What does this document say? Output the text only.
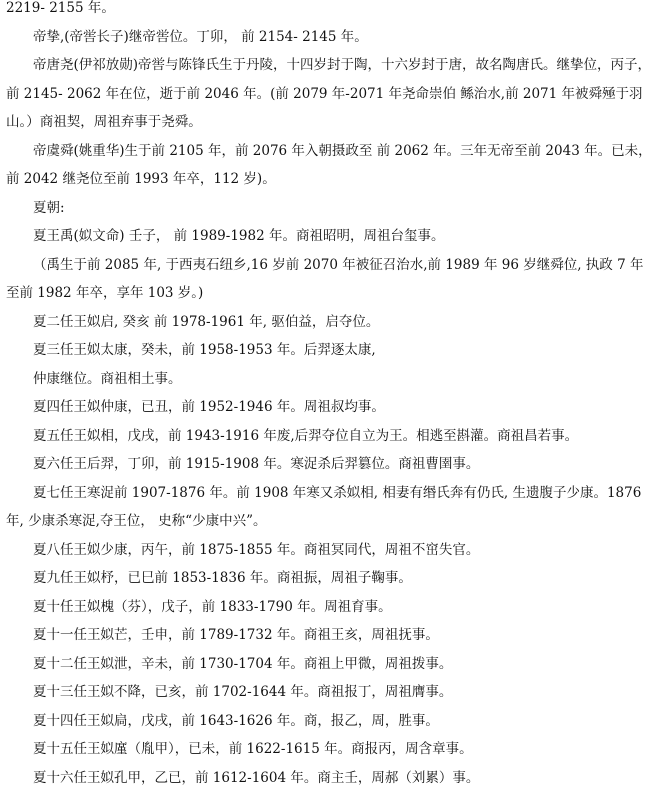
2219- 2155 年。

帝挚,(帝喾长子)继帝喾位。丁卯， 前 2154- 2145 年。

帝唐尧(伊祁放勋)帝喾与陈锋氏生于丹陵，十四岁封于陶，十六岁封于唐，故名陶唐氏。继挚位，丙子， 前 2145- 2062 年在位，逝于前 2046 年。(前 2079 年-2071 年尧命崇伯 鲧治水,前 2071 年被舜殛于羽山。）商祖契，周祖弃事于尧舜。

帝虞舜(姚重华)生于前 2105 年，前 2076 年入朝摄政至 前 2062 年。三年无帝至前 2043 年。已未，前 2042 继尧位至前 1993 年卒，112 岁)。

夏朝:

夏王禹(姒文命) 壬子， 前 1989-1982 年。商祖昭明，周祖台玺事。

（禹生于前 2085 年, 于西夷石纽乡,16 岁前 2070 年被征召治水,前 1989 年 96 岁继舜位, 执政 7 年至前 1982 年卒，享年 103 岁。)

夏二任王姒启, 癸亥 前 1978-1961 年, 驱伯益，启夺位。

夏三任王姒太康，癸未，前 1958-1953 年。后羿逐太康,

仲康继位。商祖相土事。

夏四任王姒仲康，已丑，前 1952-1946 年。周祖叔均事。

夏五任王姒相，戊戌，前 1943-1916 年废,后羿夺位自立为王。相逃至斟灌。商祖昌若事。

夏六任王后羿，丁卯，前 1915-1908 年。寒浞杀后羿篡位。商祖曹圉事。

夏七任王寒浞前 1907-1876 年。前 1908 年寒又杀姒相, 相妻有缗氏奔有仍氏, 生遗腹子少康。1876 年, 少康杀寒浞,夺王位， 史称“少康中兴”。

夏八任王姒少康，丙午，前 1875-1855 年。商祖冥同代，周祖不窋失官。

夏九任王姒杼，已巳前 1853-1836 年。商祖振，周祖子鞠事。

夏十任王姒槐（芬），戊子，前 1833-1790 年。周祖育事。

夏十一任王姒芒，壬申，前 1789-1732 年。商祖王亥，周祖抚事。

夏十二任王姒泄，辛未，前 1730-1704 年。商祖上甲微，周祖拨事。

夏十三任王姒不降，已亥，前 1702-1644 年。商祖报丁，周祖膺事。

夏十四任王姒扃，戊戌，前 1643-1626 年。商，报乙，周，胜事。

夏十五任王姒廑（胤甲），已未，前 1622-1615 年。商报丙，周含章事。

夏十六任王姒孔甲，乙已，前 1612-1604 年。商主壬，周郝（刘累）事。
